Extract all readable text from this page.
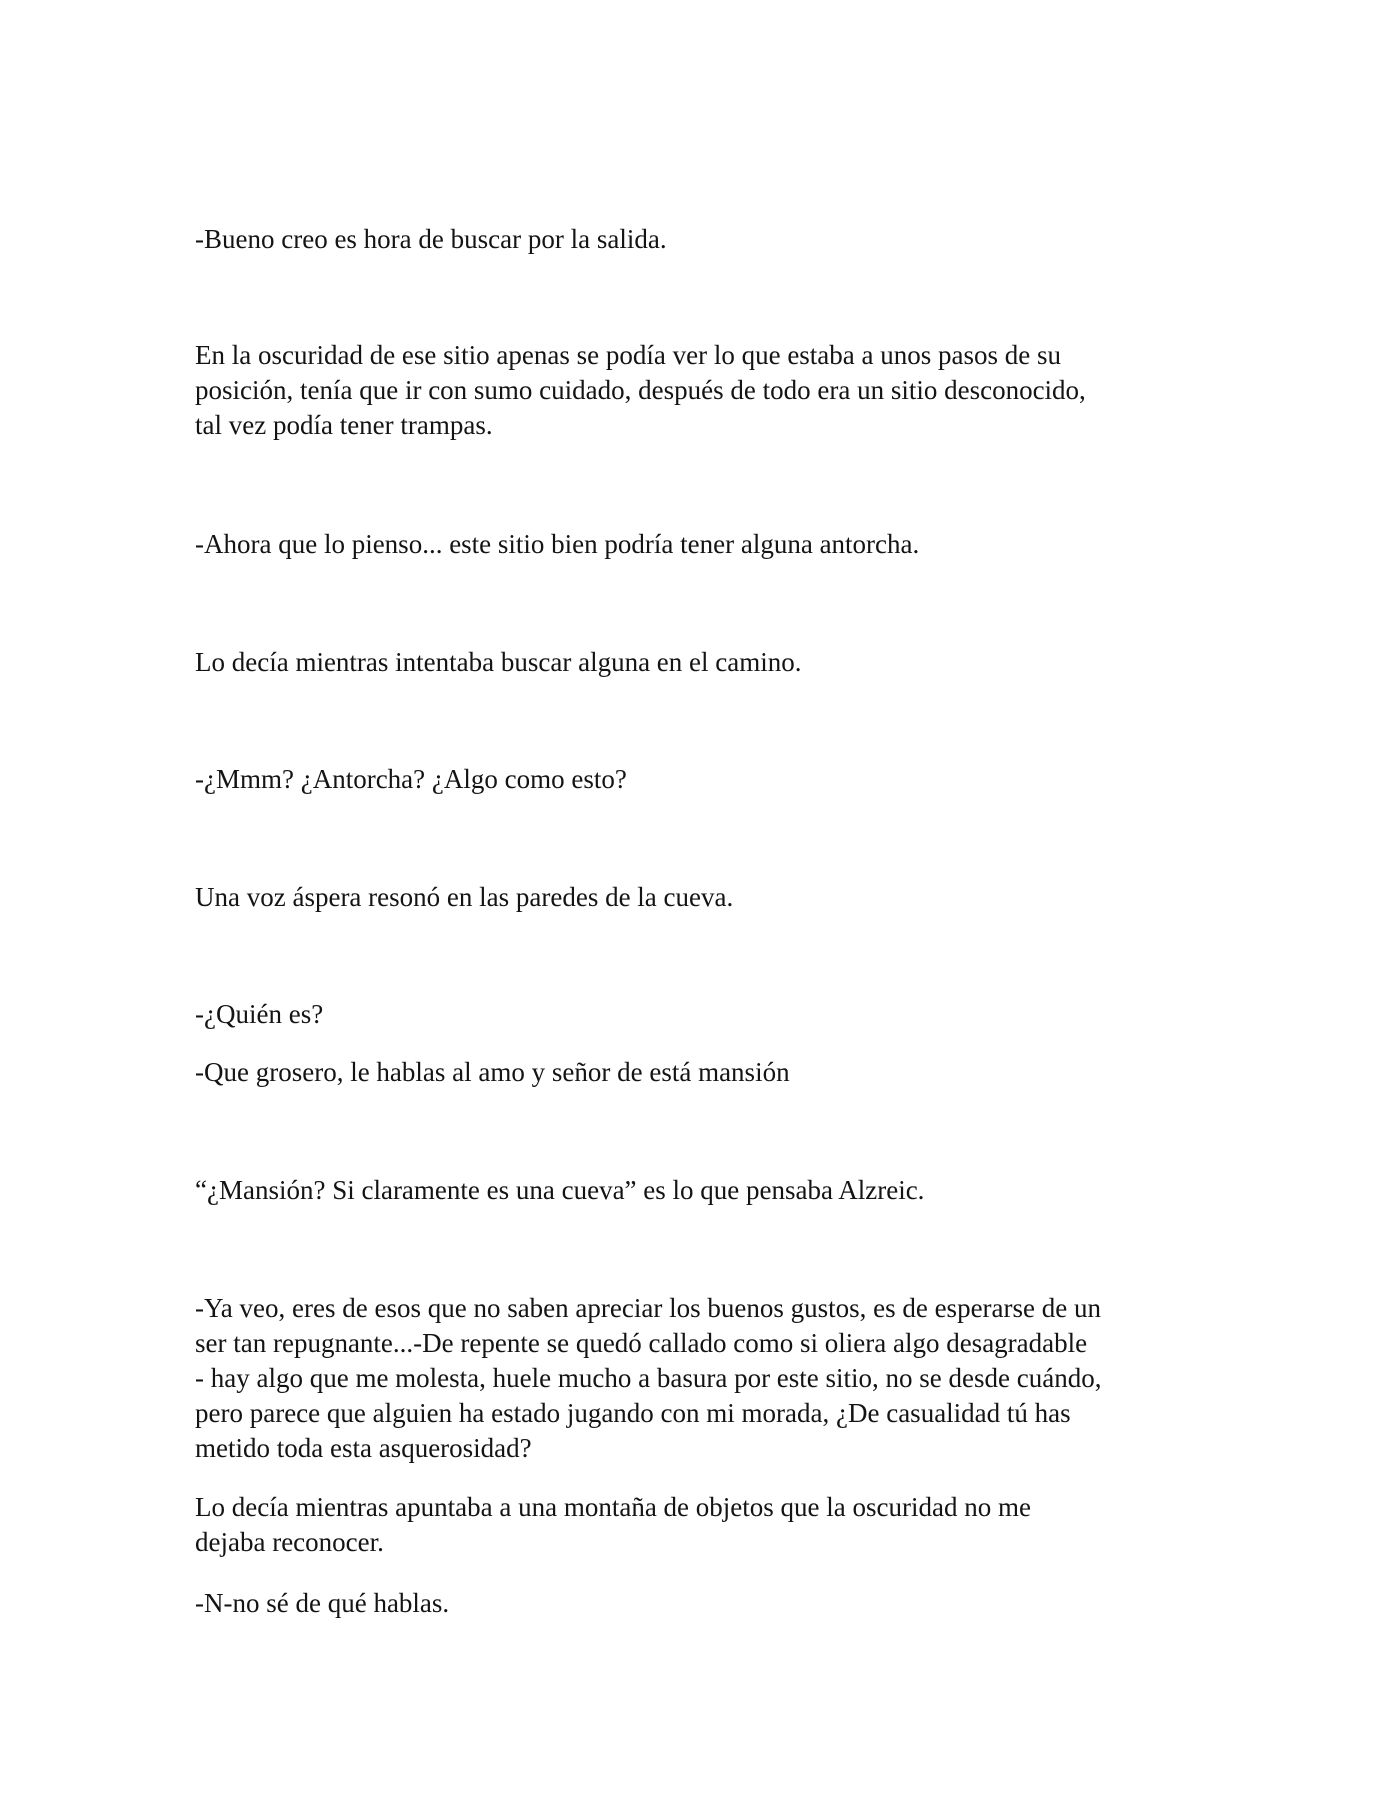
-Bueno creo es hora de buscar por la salida.

En la oscuridad de ese sitio apenas se podía ver lo que estaba a unos pasos de su
posición, tenía que ir con sumo cuidado, después de todo era un sitio desconocido,
tal vez podía tener trampas.

-Ahora que lo pienso... este sitio bien podría tener alguna antorcha.

Lo decía mientras intentaba buscar alguna en el camino.

-¿Mmm? ¿Antorcha? ¿Algo como esto?

Una voz áspera resonó en las paredes de la cueva.

-¿Quién es?

-Que grosero, le hablas al amo y señor de está mansión

“¿Mansión? Si claramente es una cueva” es lo que pensaba Alzreic.

-Ya veo, eres de esos que no saben apreciar los buenos gustos, es de esperarse de un
ser tan repugnante...-De repente se quedó callado como si oliera algo desagradable
- hay algo que me molesta, huele mucho a basura por este sitio, no se desde cuándo,
pero parece que alguien ha estado jugando con mi morada, ¿De casualidad tú has
metido toda esta asquerosidad?

Lo decía mientras apuntaba a una montaña de objetos que la oscuridad no me
dejaba reconocer.

-N-no sé de qué hablas.
